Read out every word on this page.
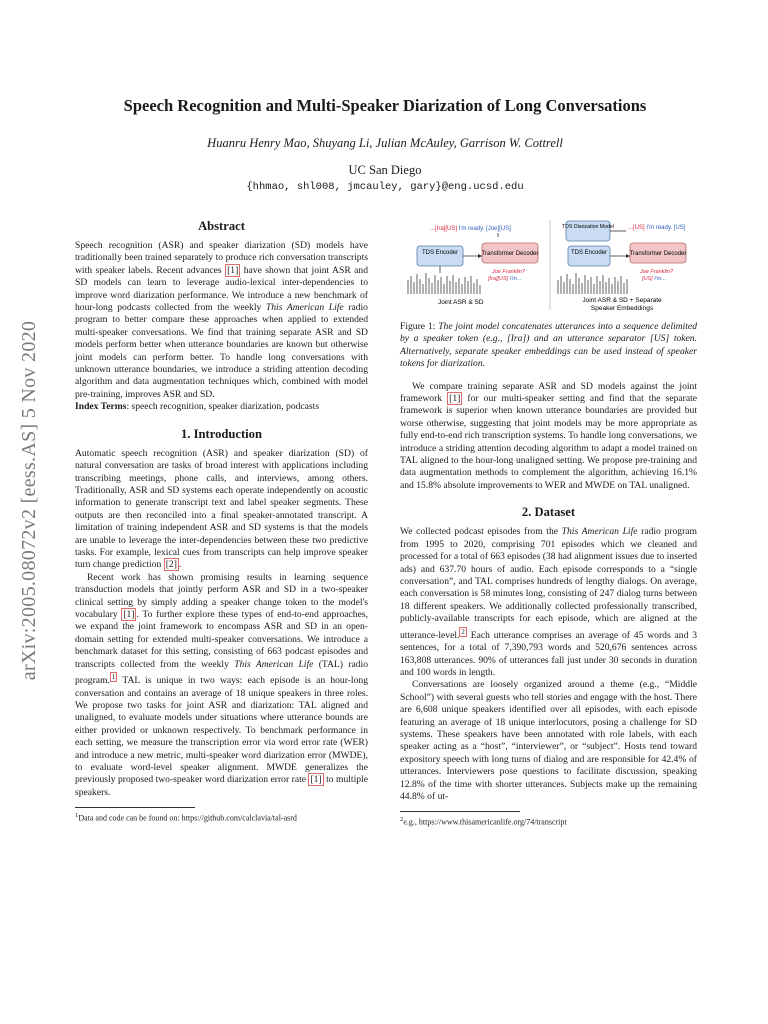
arXiv:2005.08072v2 [eess.AS] 5 Nov 2020
Speech Recognition and Multi-Speaker Diarization of Long Conversations
Huanru Henry Mao, Shuyang Li, Julian McAuley, Garrison W. Cottrell
UC San Diego
{hhmao, shl008, jmcauley, gary}@eng.ucsd.edu
Abstract

Speech recognition (ASR) and speaker diarization (SD) models have traditionally been trained separately to produce rich conversation transcripts with speaker labels. Recent advances [1] have shown that joint ASR and SD models can learn to leverage audio-lexical inter-dependencies to improve word diarization performance. We introduce a new benchmark of hour-long podcasts collected from the weekly This American Life radio program to better compare these approaches when applied to extended multi-speaker conversations. We find that training separate ASR and SD models perform better when utterance boundaries are known but otherwise joint models can perform better. To handle long conversations with unknown utterance boundaries, we introduce a striding attention decoding algorithm and data augmentation techniques which, combined with model pre-training, improves ASR and SD.

Index Terms: speech recognition, speaker diarization, podcasts

1. Introduction

Automatic speech recognition (ASR) and speaker diarization (SD) of natural conversation are tasks of broad interest with applications including transcribing meetings, phone calls, and interviews, among others. Traditionally, ASR and SD systems each operate independently on acoustic information to generate transcript text and label speaker segments. These outputs are then reconciled into a final speaker-annotated transcript. A limitation of training independent ASR and SD systems is that the models are unable to leverage the inter-dependencies between these two predictive tasks. For example, lexical cues from transcripts can help improve speaker turn change prediction [2] .

Recent work has shown promising results in learning sequence transduction models that jointly perform ASR and SD in a two-speaker clinical setting by simply adding a speaker change token to the model's vocabulary [1] . To further explore these types of end-to-end approaches, we expand the joint framework to encompass ASR and SD in an open-domain setting for extended multi-speaker conversations. We introduce a benchmark dataset for this setting, consisting of 663 podcast episodes and transcripts collected from the weekly This American Life (TAL) radio program. $^1$ TAL is unique in two ways: each episode is an hour-long conversation and contains an average of 18 unique speakers in three roles. We propose two tasks for joint ASR and diarization: TAL aligned and unaligned, to evaluate models under situations where utterance bounds are either provided or unknown respectively. To benchmark performance in each setting, we measure the transcription error via word error rate (WER) and introduce a new metric, multi-speaker word diarization error (MWDE), to evaluate word-level speaker alignment. MWDE generalizes the previously proposed two-speaker word diarization error rate [1] to multiple speakers.

$^1$Data and code can be found on: https://github.com/calclavia/tal-asrd

...[Ira][US] I'm ready. [Joe][US]
TDS Encoder	Transformer Decoder
Joe Franklin?
[Ira][US] I'm...
Joint ASR & SD
TDS Diarization Model ...[US] I'm ready. [US]
TDS Encoder	Transformer Decoder
Joe Franklin?
[US] I'm...
Joint ASR & SD + Separate
Speaker Embeddings

Figure 1: The joint model concatenates utterances into a sequence delimited by a speaker token (e.g., [Ira]) and an utterance separator [US] token. Alternatively, separate speaker embeddings can be used instead of speaker tokens for diarization.

We compare training separate ASR and SD models against the joint framework [1] for our multi-speaker setting and find that the separate framework is superior when known utterance boundaries are provided but worse otherwise, suggesting that joint models may be more appropriate as fully end-to-end rich transcription systems. To handle long conversations, we introduce a striding attention decoding algorithm to adapt a model trained on TAL aligned to the hour-long unaligned setting. We propose pre-training and data augmentation methods to complement the algorithm, achieving 16.1% and 15.8% absolute improvements to WER and MWDE on TAL unaligned.

2. Dataset

We collected podcast episodes from the This American Life radio program from 1995 to 2020, comprising 701 episodes which we cleaned and processed for a total of 663 episodes (38 had alignment issues due to inserted ads) and 637.70 hours of audio. Each episode corresponds to a “single conversation”, and TAL comprises hundreds of lengthy dialogs. On average, each conversation is 58 minutes long, consisting of 247 dialog turns between 18 different speakers. We additionally collected professionally transcribed, publicly-available transcripts for each episode, which are aligned at the utterance-level. $^2$ Each utterance comprises an average of 45 words and 3 sentences, for a total of 7,390,793 words and 520,676 sentences across 163,808 utterances. 90% of utterances fall just under 30 seconds in duration and 100 words in length.

Conversations are loosely organized around a theme (e.g., “Middle School”) with several guests who tell stories and engage with the host. There are 6,608 unique speakers identified over all episodes, with each episode featuring an average of 18 unique interlocutors, posing a challenge for SD systems. These speakers have been annotated with role labels, with each speaker acting as a “host”, “interviewer”, or “subject”. Hosts tend toward expository speech with long turns of dialog and are responsible for 42.4% of utterances. Interviewers pose questions to facilitate discussion, speaking 12.8% of the time with shorter utterances. Subjects make up the remaining 44.8% of ut-

$^2$e.g., https://www.thisamericanlife.org/74/transcript
